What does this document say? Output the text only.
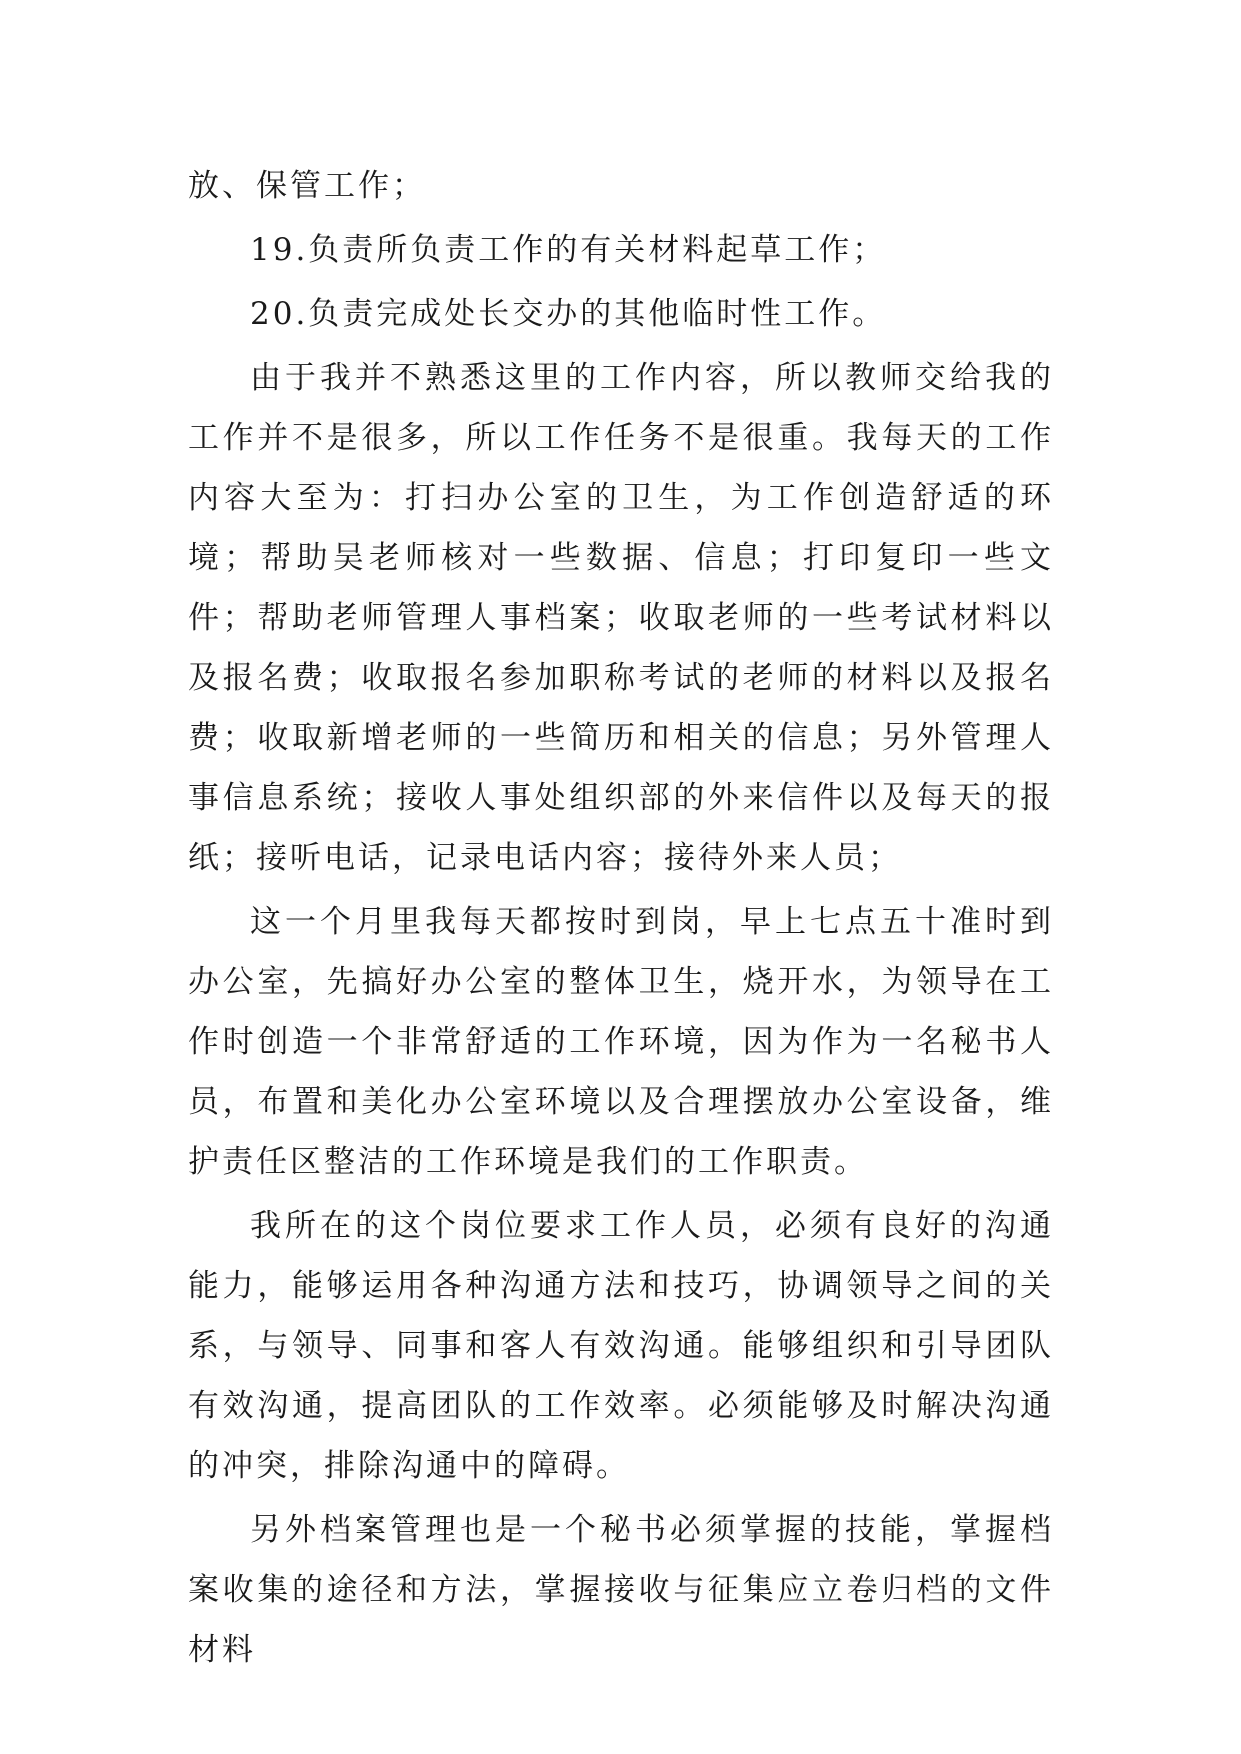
放、保管工作；

19.负责所负责工作的有关材料起草工作；

20.负责完成处长交办的其他临时性工作。

由于我并不熟悉这里的工作内容，所以教师交给我的工作并不是很多，所以工作任务不是很重。我每天的工作内容大至为：打扫办公室的卫生，为工作创造舒适的环境；帮助吴老师核对一些数据、信息；打印复印一些文件；帮助老师管理人事档案；收取老师的一些考试材料以及报名费；收取报名参加职称考试的老师的材料以及报名费；收取新增老师的一些简历和相关的信息；另外管理人事信息系统；接收人事处组织部的外来信件以及每天的报纸；接听电话，记录电话内容；接待外来人员；

这一个月里我每天都按时到岗，早上七点五十准时到办公室，先搞好办公室的整体卫生，烧开水，为领导在工作时创造一个非常舒适的工作环境，因为作为一名秘书人员，布置和美化办公室环境以及合理摆放办公室设备，维护责任区整洁的工作环境是我们的工作职责。

我所在的这个岗位要求工作人员，必须有良好的沟通能力，能够运用各种沟通方法和技巧，协调领导之间的关系，与领导、同事和客人有效沟通。能够组织和引导团队有效沟通，提高团队的工作效率。必须能够及时解决沟通的冲突，排除沟通中的障碍。

另外档案管理也是一个秘书必须掌握的技能，掌握档案收集的途径和方法，掌握接收与征集应立卷归档的文件材料
